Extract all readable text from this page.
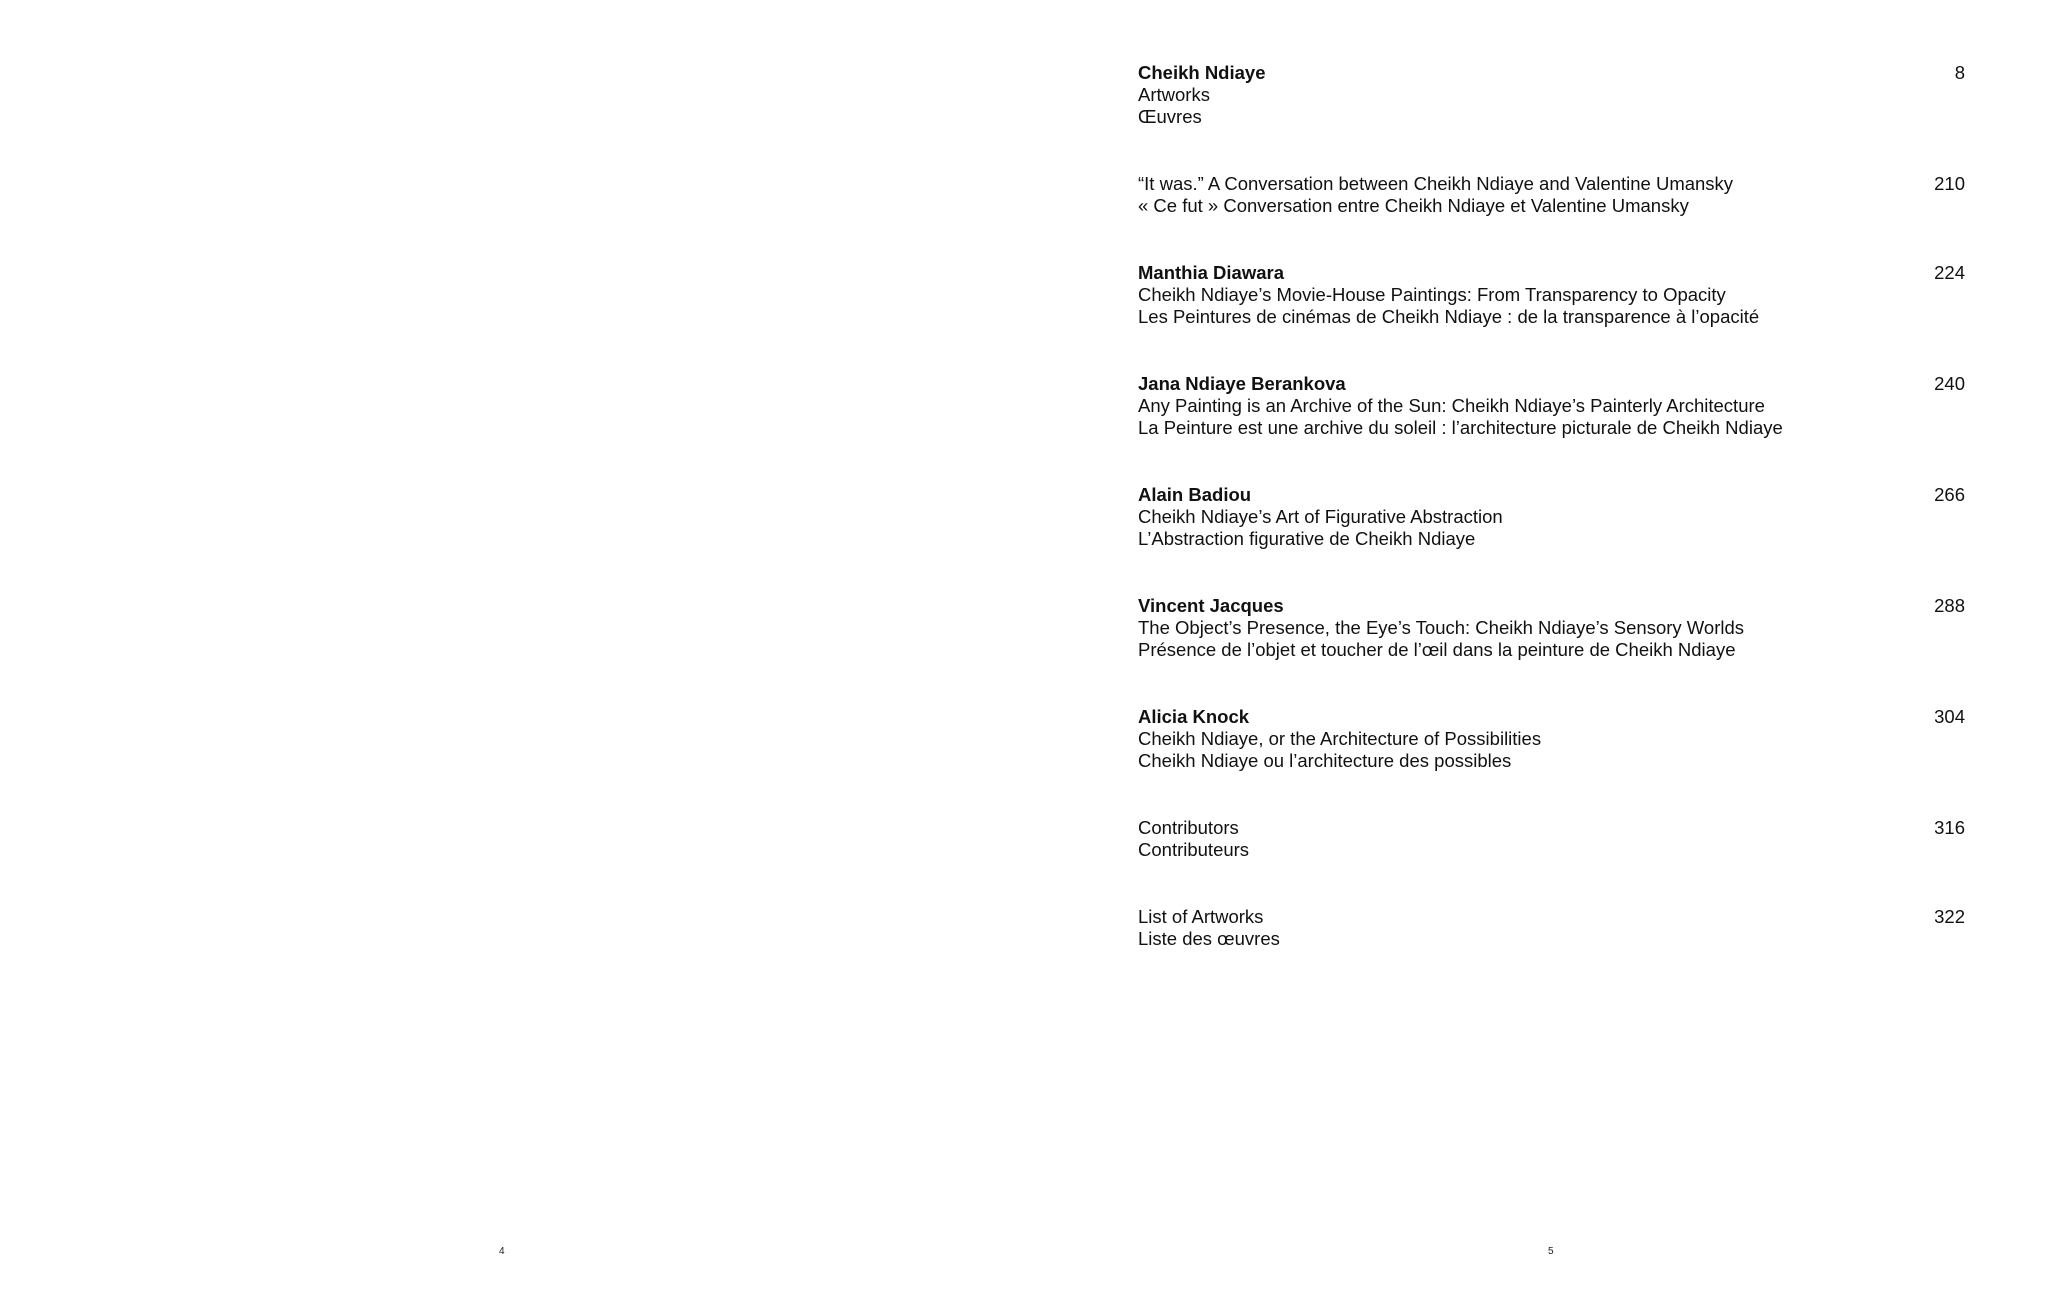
Cheikh Ndiaye
Artworks
Œuvres
8
“It was.” A Conversation between Cheikh Ndiaye and Valentine Umansky
« Ce fut » Conversation entre Cheikh Ndiaye et Valentine Umansky
210
Manthia Diawara
Cheikh Ndiaye’s Movie-House Paintings: From Transparency to Opacity
Les Peintures de cinémas de Cheikh Ndiaye : de la transparence à l’opacité
224
Jana Ndiaye Berankova
Any Painting is an Archive of the Sun: Cheikh Ndiaye’s Painterly Architecture
La Peinture est une archive du soleil : l’architecture picturale de Cheikh Ndiaye
240
Alain Badiou
Cheikh Ndiaye’s Art of Figurative Abstraction
L’Abstraction figurative de Cheikh Ndiaye
266
Vincent Jacques
The Object’s Presence, the Eye’s Touch: Cheikh Ndiaye’s Sensory Worlds
Présence de l’objet et toucher de l’œil dans la peinture de Cheikh Ndiaye
288
Alicia Knock
Cheikh Ndiaye, or the Architecture of Possibilities
Cheikh Ndiaye ou l’architecture des possibles
304
Contributors
Contributeurs
316
List of Artworks
Liste des œuvres
322
4	5
